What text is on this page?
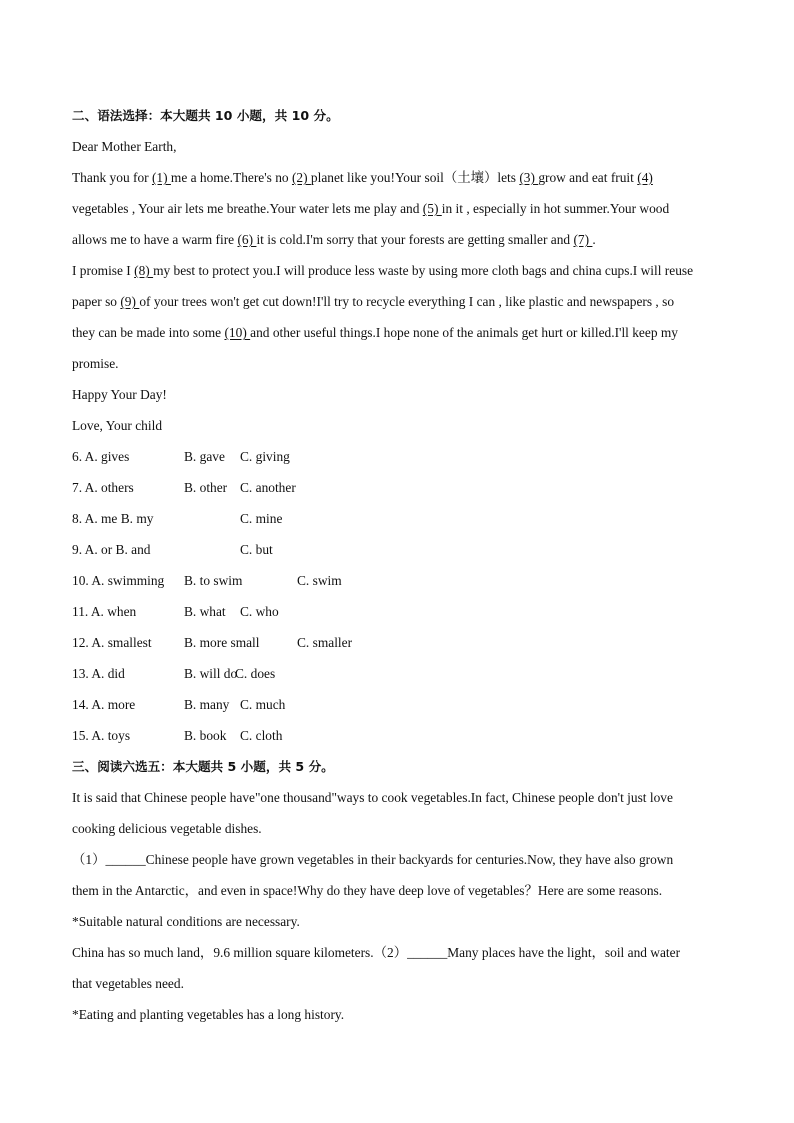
二、语法选择：本大题共 10 小题，共 10 分。
Dear Mother Earth,
Thank you for (1) me a home.There's no (2) planet like you!Your soil（土壤）lets (3) grow and eat fruit (4)
vegetables , Your air lets me breathe.Your water lets me play and (5) in it , especially in hot summer.Your wood
allows me to have a warm fire (6) it is cold.I'm sorry that your forests are getting smaller and (7) .
I promise I (8) my best to protect you.I will produce less waste by using more cloth bags and china cups.I will reuse
paper so (9) of your trees won't get cut down!I'll try to recycle everything I can , like plastic and newspapers , so
they can be made into some (10) and other useful things.I hope none of the animals get hurt or killed.I'll keep my
promise.
Happy Your Day!
Love, Your child
6. A. gives	B. gave C. giving
7. A. others	B. other C. another
8. A. me B. my	C. mine
9. A. or B. and	C. but
10. A. swimming B. to swim	C. swim
11. A. when	B. what C. who
12. A. smallest B. more small	C. smaller
13. A. did	B. will doC. does
14. A. more	B. many C. much
15. A. toys	B. book C. cloth
三、阅读六选五：本大题共 5 小题，共 5 分。
It is said that Chinese people have"one thousand"ways to cook vegetables.In fact, Chinese people don't just love
cooking delicious vegetable dishes.
（1）______Chinese people have grown vegetables in their backyards for centuries.Now, they have also grown
them in the Antarctic，and even in space!Why do they have deep love of vegetables？Here are some reasons.
*Suitable natural conditions are necessary.
China has so much land，9.6 million square kilometers.（2）______Many places have the light，soil and water
that vegetables need.
*Eating and planting vegetables has a long history.
